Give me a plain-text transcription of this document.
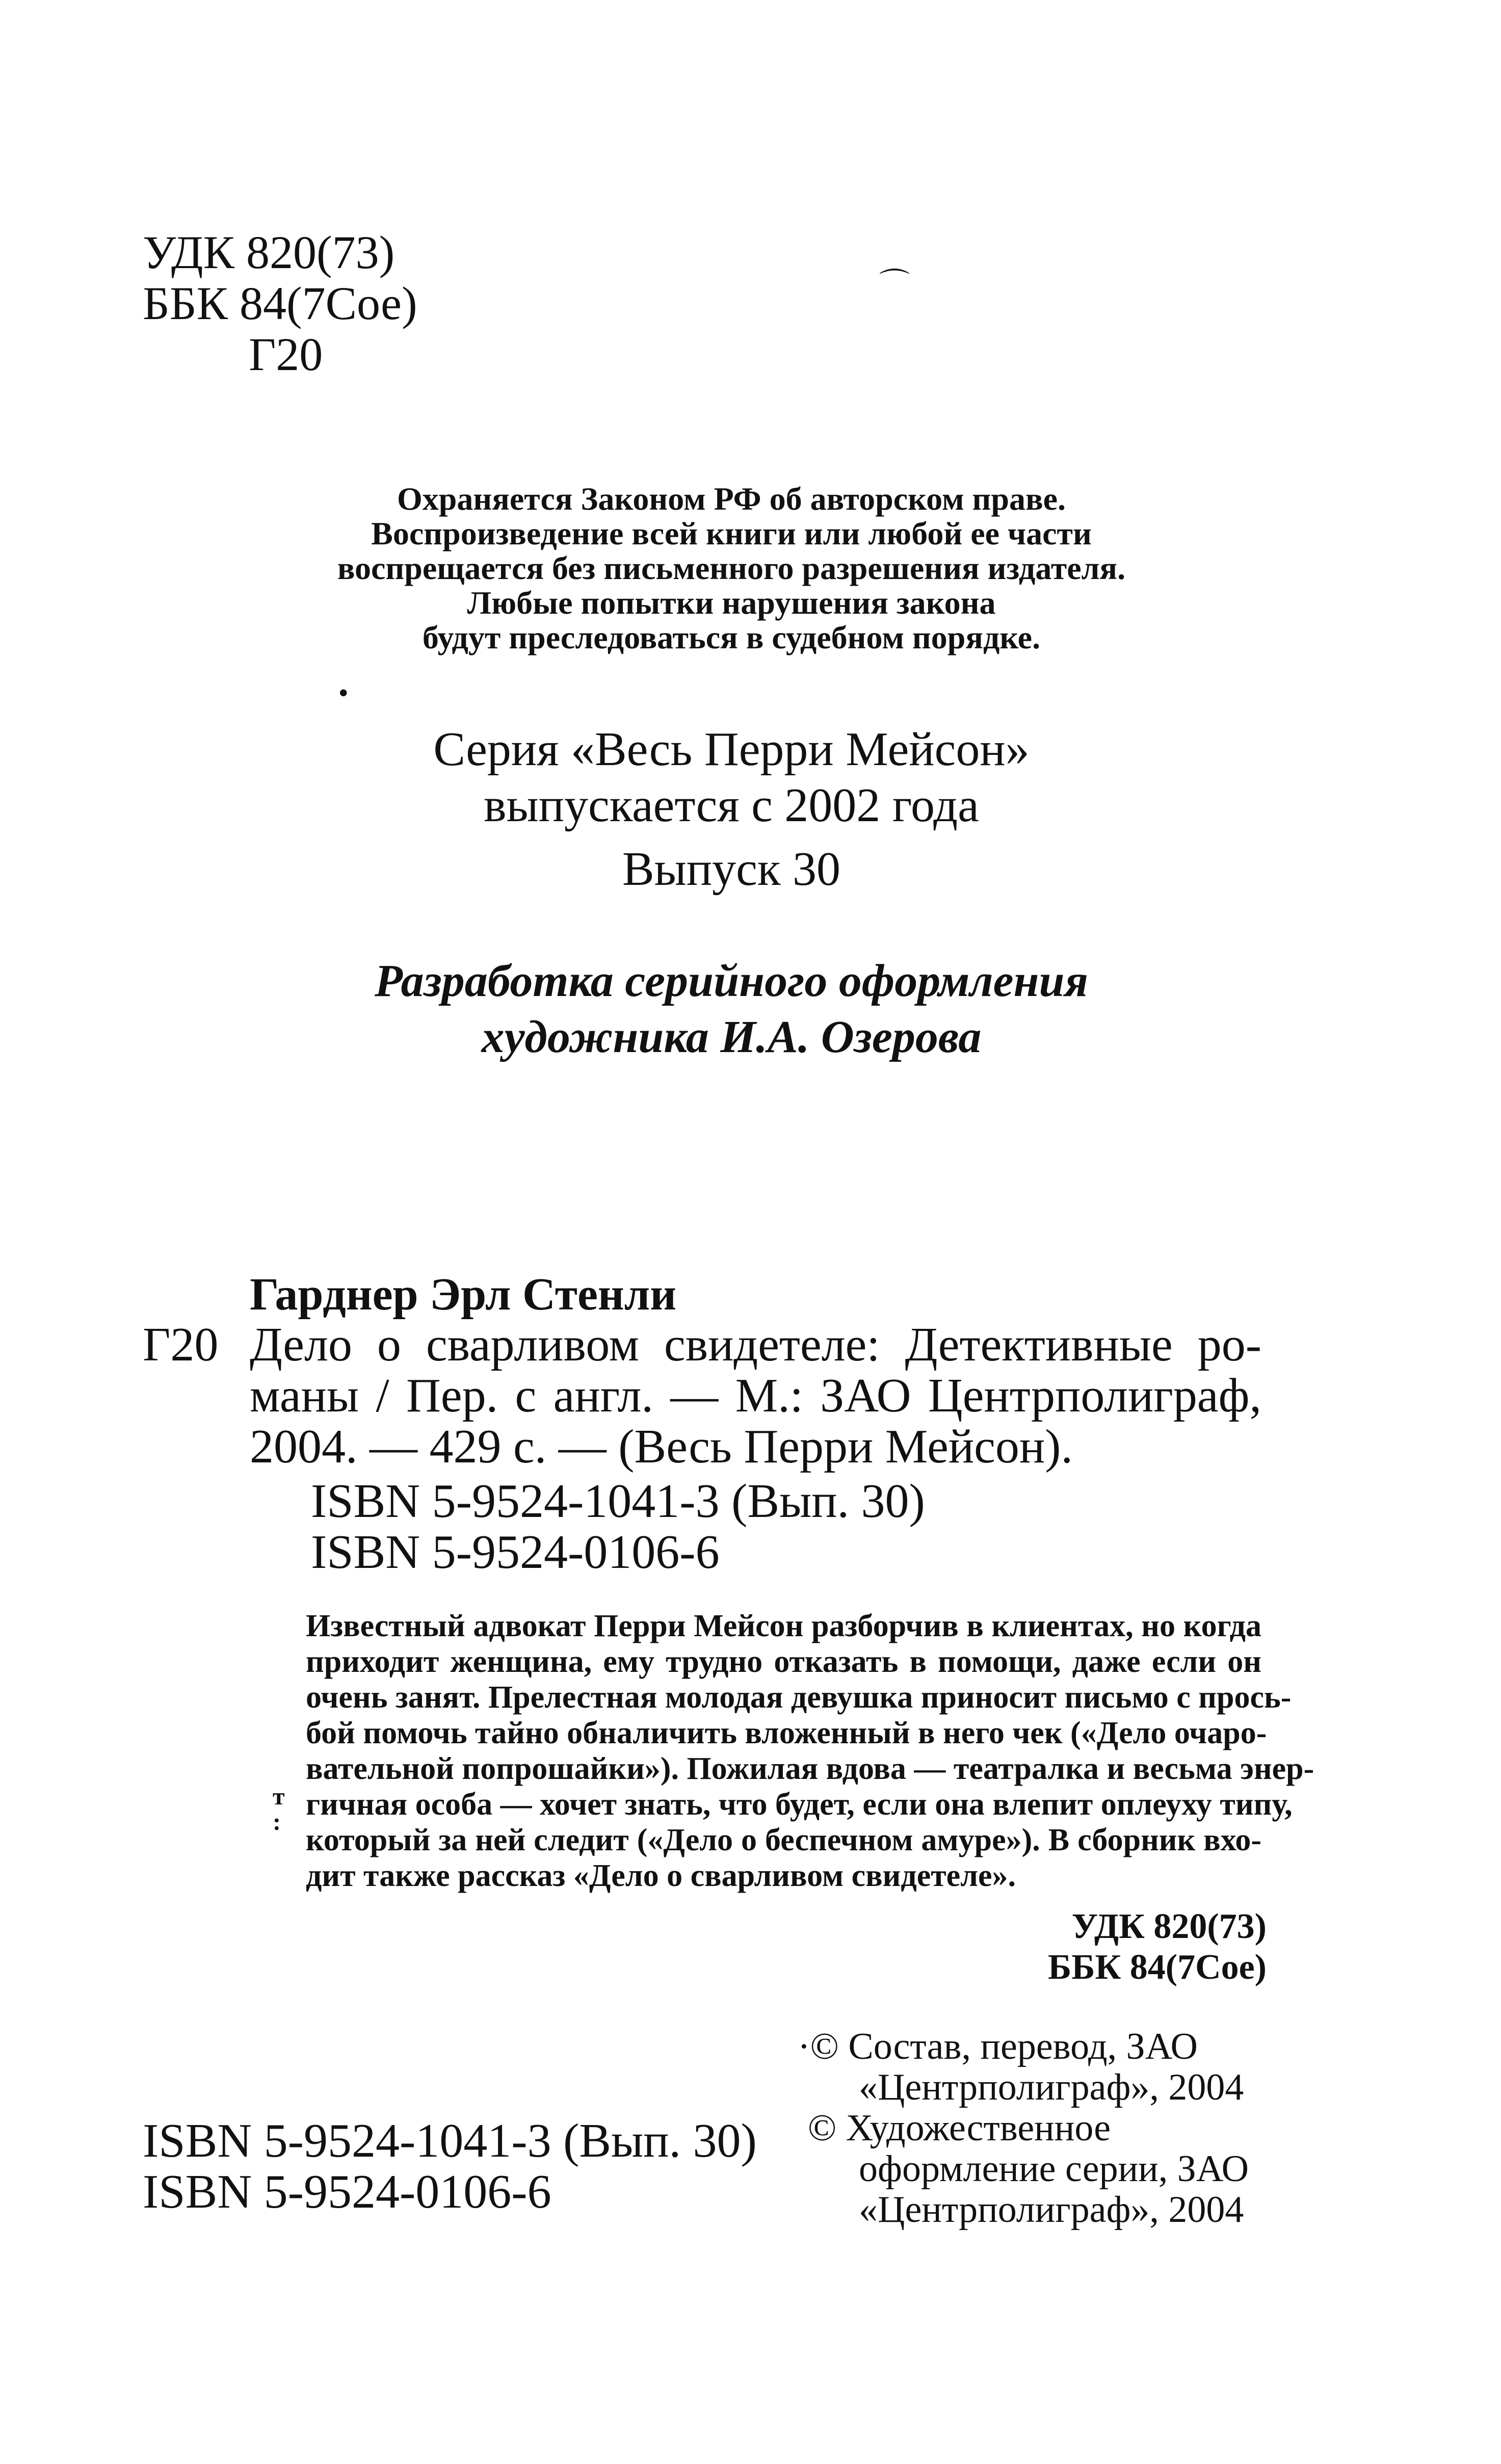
УДК 820(73)
ББК 84(7Сое)
Г20
⌒
Охраняется Законом РФ об авторском праве.
Воспроизведение всей книги или любой ее части
воспрещается без письменного разрешения издателя.
Любые попытки нарушения закона
будут преследоваться в судебном порядке.
•
Серия «Весь Перри Мейсон»
выпускается с 2002 года
Выпуск 30
Разработка серийного оформления
художника И.А. Озерова
Гарднер Эрл Стенли
Г20 Дело о сварливом свидетеле: Детективные ро-
маны / Пер. с англ. — М.: ЗАО Центрполиграф,
2004. — 429 с. — (Весь Перри Мейсон).
ISBN 5-9524-1041-3 (Вып. 30)
ISBN 5-9524-0106-6
Известный адвокат Перри Мейсон разборчив в клиентах, но когда
приходит женщина, ему трудно отказать в помощи, даже если он
очень занят. Прелестная молодая девушка приносит письмо с прось-
бой помочь тайно обналичить вложенный в него чек («Дело очаро-
вательной попрошайки»). Пожилая вдова — театралка и весьма энер-
гичная особа — хочет знать, что будет, если она влепит оплеуху типу,
который за ней следит («Дело о беспечном амуре»). В сборник вхо-
дит также рассказ «Дело о сварливом свидетеле».
т
:
УДК 820(73)
ББК 84(7Сое)
ISBN 5-9524-1041-3 (Вып. 30)
ISBN 5-9524-0106-6
·© Состав, перевод, ЗАО
«Центрполиграф», 2004
© Художественное
оформление серии, ЗАО
«Центрполиграф», 2004
